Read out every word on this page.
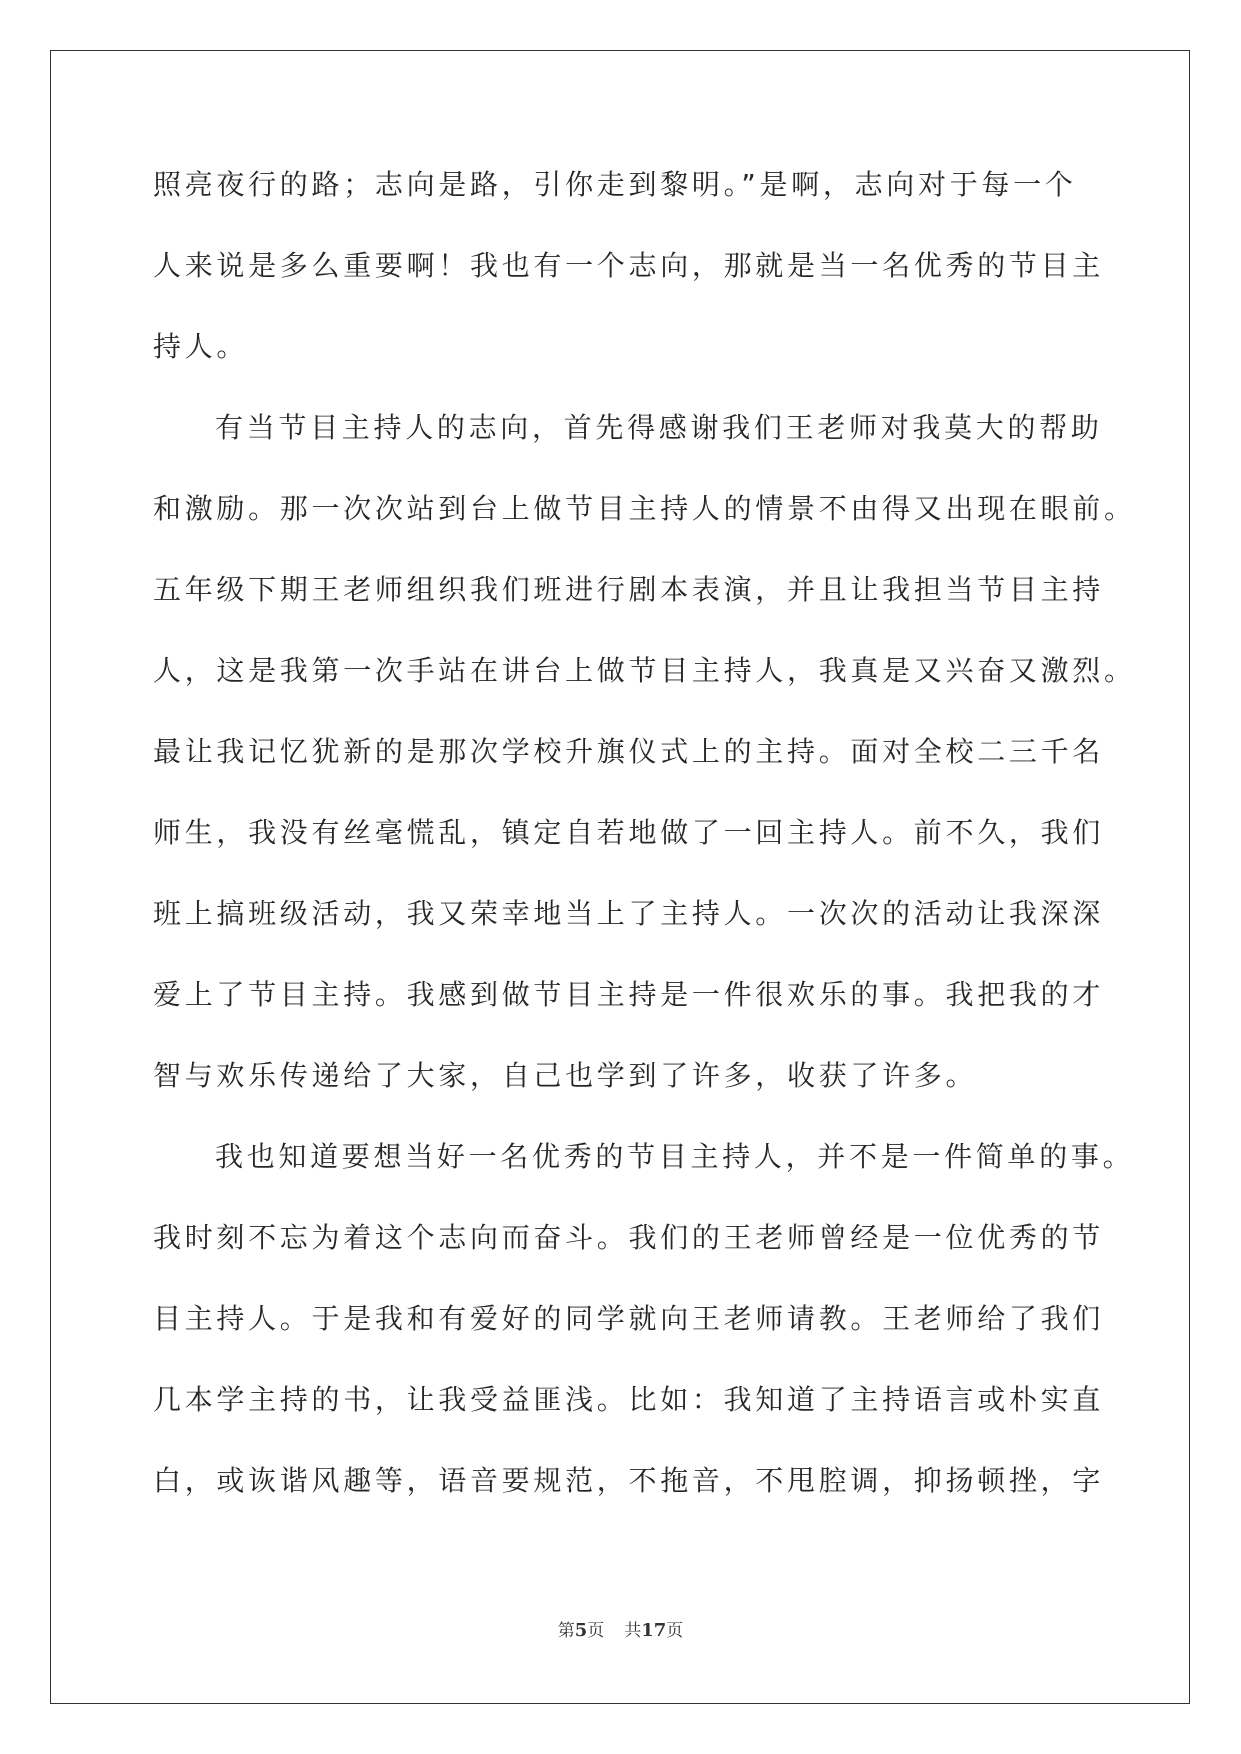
照亮夜行的路；志向是路，引你走到黎明。”是啊，志向对于每一个
人来说是多么重要啊！我也有一个志向，那就是当一名优秀的节目主
持人。
有当节目主持人的志向，首先得感谢我们王老师对我莫大的帮助
和激励。那一次次站到台上做节目主持人的情景不由得又出现在眼前。
五年级下期王老师组织我们班进行剧本表演，并且让我担当节目主持
人，这是我第一次手站在讲台上做节目主持人，我真是又兴奋又激烈。
最让我记忆犹新的是那次学校升旗仪式上的主持。面对全校二三千名
师生，我没有丝毫慌乱，镇定自若地做了一回主持人。前不久，我们
班上搞班级活动，我又荣幸地当上了主持人。一次次的活动让我深深
爱上了节目主持。我感到做节目主持是一件很欢乐的事。我把我的才
智与欢乐传递给了大家，自己也学到了许多，收获了许多。
我也知道要想当好一名优秀的节目主持人，并不是一件简单的事。
我时刻不忘为着这个志向而奋斗。我们的王老师曾经是一位优秀的节
目主持人。于是我和有爱好的同学就向王老师请教。王老师给了我们
几本学主持的书，让我受益匪浅。比如：我知道了主持语言或朴实直
白，或诙谐风趣等，语音要规范，不拖音，不甩腔调，抑扬顿挫，字
第5页 共17页
